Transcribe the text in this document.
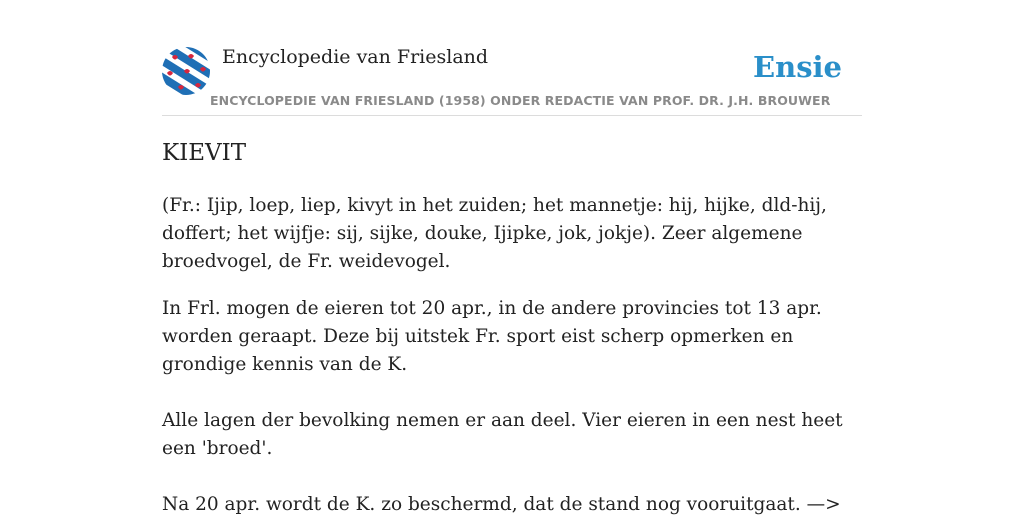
Encyclopedie van Friesland	Ensie
ENCYCLOPEDIE VAN FRIESLAND (1958) ONDER REDACTIE VAN PROF. DR. J.H. BROUWER
KIEVIT

(Fr.: Ijip, loep, liep, kivyt in het zuiden; het mannetje: hij, hijke, dld-hij, doffert; het wijfje: sij, sijke, douke, Ijipke, jok, jokje). Zeer algemene broedvogel, de Fr. weidevogel.

In Frl. mogen de eieren tot 20 apr., in de andere provincies tot 13 apr. worden geraapt. Deze bij uitstek Fr. sport eist scherp opmerken en grondige kennis van de K.

Alle lagen der bevolking nemen er aan deel. Vier eieren in een nest heet een 'broed'.

Na 20 apr. wordt de K. zo beschermd, dat de stand nog vooruitgaat. —>
